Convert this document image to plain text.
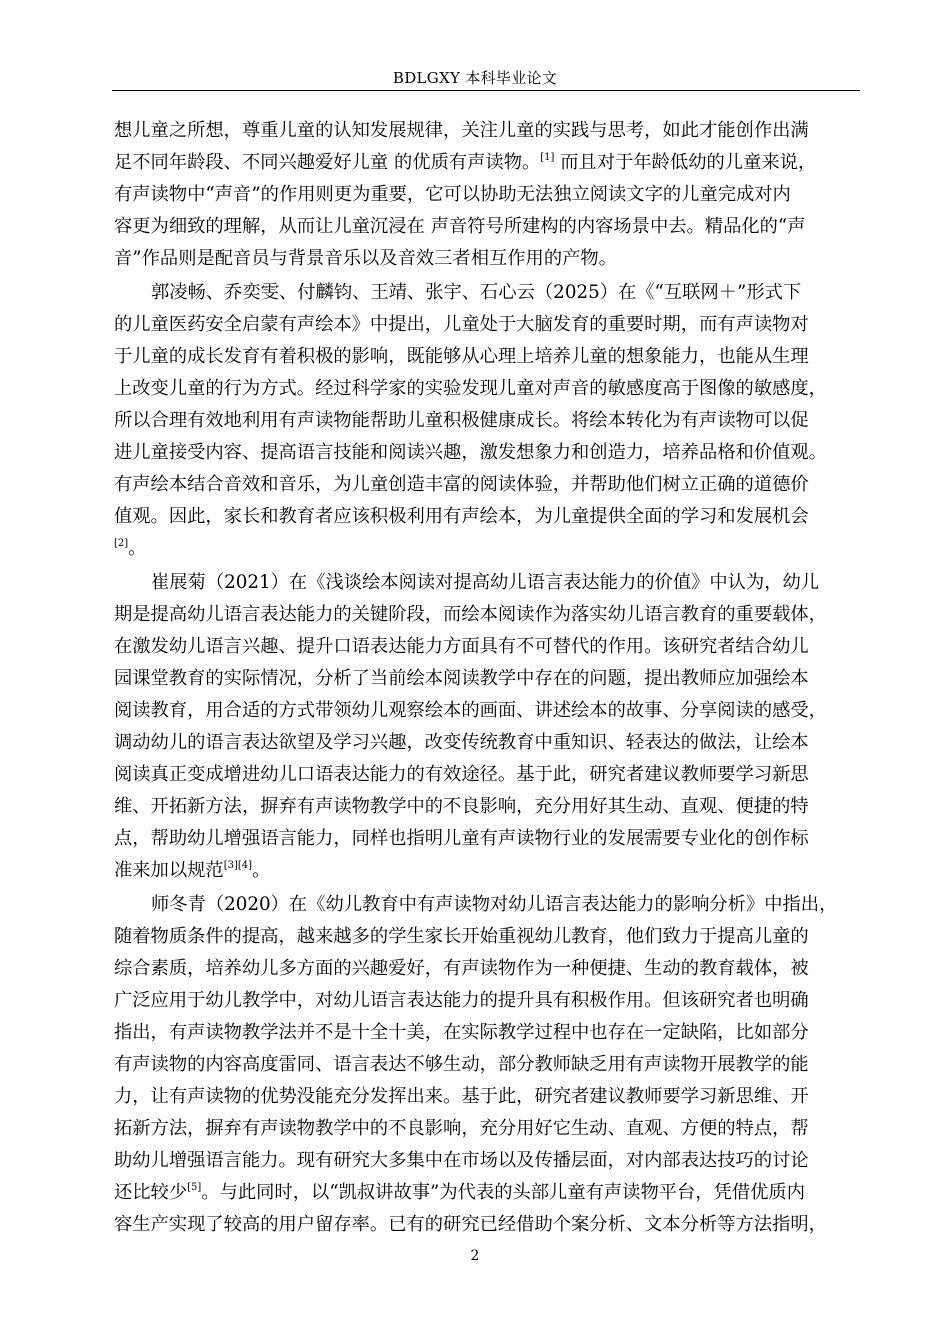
BDLGXY 本科毕业论文
想儿童之所想，尊重儿童的认知发展规律，关注儿童的实践与思考，如此才能创作出满
足不同年龄段、不同兴趣爱好儿童 的优质有声读物。[1] 而且对于年龄低幼的儿童来说，
有声读物中“声音”的作用则更为重要，它可以协助无法独立阅读文字的儿童完成对内
容更为细致的理解，从而让儿童沉浸在 声音符号所建构的内容场景中去。精品化的“声
音”作品则是配音员与背景音乐以及音效三者相互作用的产物。
郭凌畅、乔奕雯、付麟钧、王靖、张宇、石心云（2025）在《“互联网＋”形式下
的儿童医药安全启蒙有声绘本》中提出，儿童处于大脑发育的重要时期，而有声读物对
于儿童的成长发育有着积极的影响，既能够从心理上培养儿童的想象能力，也能从生理
上改变儿童的行为方式。经过科学家的实验发现儿童对声音的敏感度高于图像的敏感度，
所以合理有效地利用有声读物能帮助儿童积极健康成长。将绘本转化为有声读物可以促
进儿童接受内容、提高语言技能和阅读兴趣，激发想象力和创造力，培养品格和价值观。
有声绘本结合音效和音乐，为儿童创造丰富的阅读体验，并帮助他们树立正确的道德价
值观。因此，家长和教育者应该积极利用有声绘本，为儿童提供全面的学习和发展机会
[2]。
崔展菊（2021）在《浅谈绘本阅读对提高幼儿语言表达能力的价值》中认为，幼儿
期是提高幼儿语言表达能力的关键阶段，而绘本阅读作为落实幼儿语言教育的重要载体，
在激发幼儿语言兴趣、提升口语表达能力方面具有不可替代的作用。该研究者结合幼儿
园课堂教育的实际情况，分析了当前绘本阅读教学中存在的问题，提出教师应加强绘本
阅读教育，用合适的方式带领幼儿观察绘本的画面、讲述绘本的故事、分享阅读的感受，
调动幼儿的语言表达欲望及学习兴趣，改变传统教育中重知识、轻表达的做法，让绘本
阅读真正变成增进幼儿口语表达能力的有效途径。基于此，研究者建议教师要学习新思
维、开拓新方法，摒弃有声读物教学中的不良影响，充分用好其生动、直观、便捷的特
点，帮助幼儿增强语言能力，同样也指明儿童有声读物行业的发展需要专业化的创作标
准来加以规范[3][4]。
师冬青（2020）在《幼儿教育中有声读物对幼儿语言表达能力的影响分析》中指出，
随着物质条件的提高，越来越多的学生家长开始重视幼儿教育，他们致力于提高儿童的
综合素质，培养幼儿多方面的兴趣爱好，有声读物作为一种便捷、生动的教育载体，被
广泛应用于幼儿教学中，对幼儿语言表达能力的提升具有积极作用。但该研究者也明确
指出，有声读物教学法并不是十全十美，在实际教学过程中也存在一定缺陷，比如部分
有声读物的内容高度雷同、语言表达不够生动，部分教师缺乏用有声读物开展教学的能
力，让有声读物的优势没能充分发挥出来。基于此，研究者建议教师要学习新思维、开
拓新方法，摒弃有声读物教学中的不良影响，充分用好它生动、直观、方便的特点，帮
助幼儿增强语言能力。现有研究大多集中在市场以及传播层面，对内部表达技巧的讨论
还比较少[5]。与此同时，以“凯叔讲故事”为代表的头部儿童有声读物平台，凭借优质内
容生产实现了较高的用户留存率。已有的研究已经借助个案分析、文本分析等方法指明，
2
